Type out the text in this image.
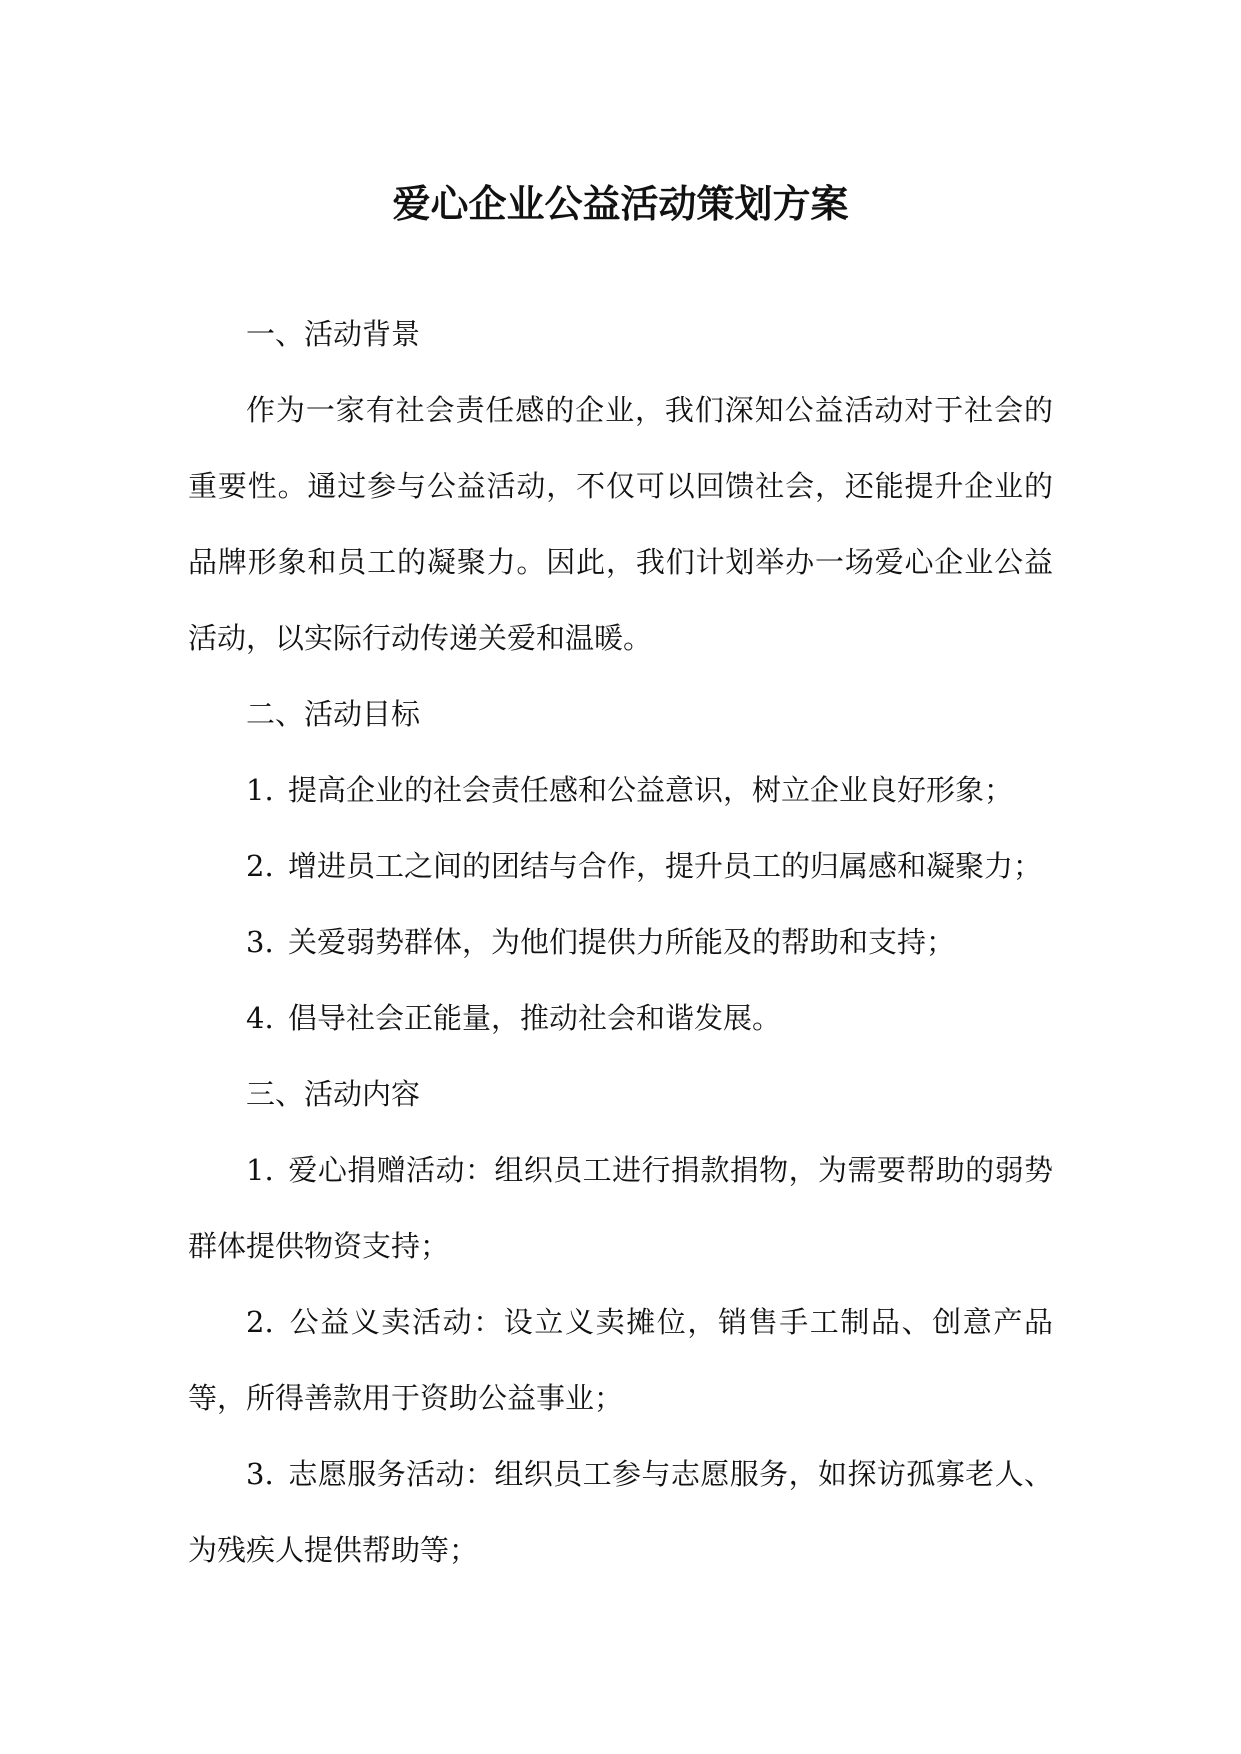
爱心企业公益活动策划方案

一、活动背景

作为一家有社会责任感的企业，我们深知公益活动对于社会的重要性。通过参与公益活动，不仅可以回馈社会，还能提升企业的品牌形象和员工的凝聚力。因此，我们计划举办一场爱心企业公益活动，以实际行动传递关爱和温暖。

二、活动目标

1. 提高企业的社会责任感和公益意识，树立企业良好形象；

2. 增进员工之间的团结与合作，提升员工的归属感和凝聚力；

3. 关爱弱势群体，为他们提供力所能及的帮助和支持；

4. 倡导社会正能量，推动社会和谐发展。

三、活动内容

1. 爱心捐赠活动：组织员工进行捐款捐物，为需要帮助的弱势群体提供物资支持；

2. 公益义卖活动：设立义卖摊位，销售手工制品、创意产品等，所得善款用于资助公益事业；

3. 志愿服务活动：组织员工参与志愿服务，如探访孤寡老人、为残疾人提供帮助等；
